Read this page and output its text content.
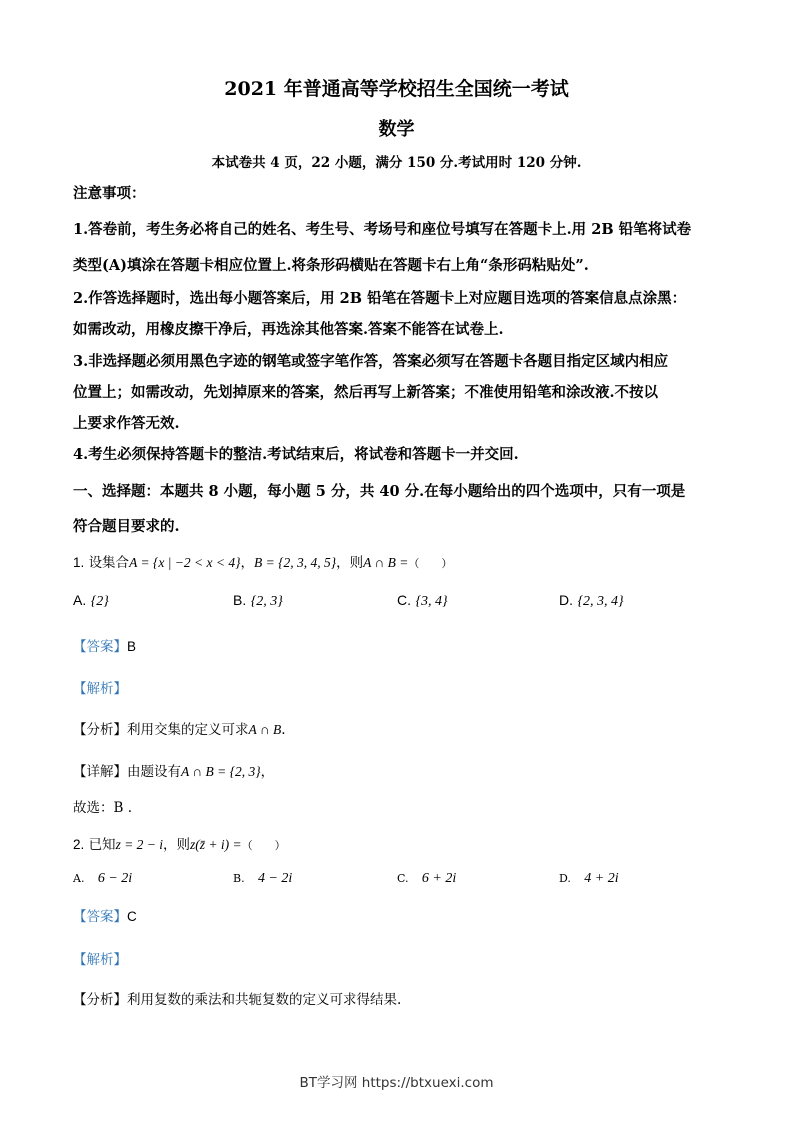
2021 年普通高等学校招生全国统一考试
数学
本试卷共 4 页，22 小题，满分 150 分.考试用时 120 分钟.
注意事项：
1.答卷前，考生务必将自己的姓名、考生号、考场号和座位号填写在答题卡上.用 2B 铅笔将试卷
类型(A)填涂在答题卡相应位置上.将条形码横贴在答题卡右上角“条形码粘贴处”.
2.作答选择题时，选出每小题答案后，用 2B 铅笔在答题卡上对应题目选项的答案信息点涂黑：
如需改动，用橡皮擦干净后，再选涂其他答案.答案不能答在试卷上.
3.非选择题必须用黑色字迹的钢笔或签字笔作答，答案必须写在答题卡各题目指定区域内相应
位置上；如需改动，先划掉原来的答案，然后再写上新答案；不准使用铅笔和涂改液.不按以
上要求作答无效.
4.考生必须保持答题卡的整洁.考试结束后，将试卷和答题卡一并交回.
一、选择题：本题共 8 小题，每小题 5 分，共 40 分.在每小题给出的四个选项中，只有一项是
符合题目要求的.
1. 设集合A = {x | −2 < x < 4}，B = {2, 3, 4, 5}，则A ∩ B =（　　）
A. {2}	B. {2, 3}	C. {3, 4}	D. {2, 3, 4}
【答案】B
【解析】
【分析】利用交集的定义可求A ∩ B.
【详解】由题设有A ∩ B = {2, 3}，
故选：B .
2. 已知z = 2 − i，则z(z̄ + i) =（　　）
A. 6 − 2i	B. 4 − 2i	C. 6 + 2i	D. 4 + 2i
【答案】C
【解析】
【分析】利用复数的乘法和共轭复数的定义可求得结果.
BT学习网 https://btxuexi.com
